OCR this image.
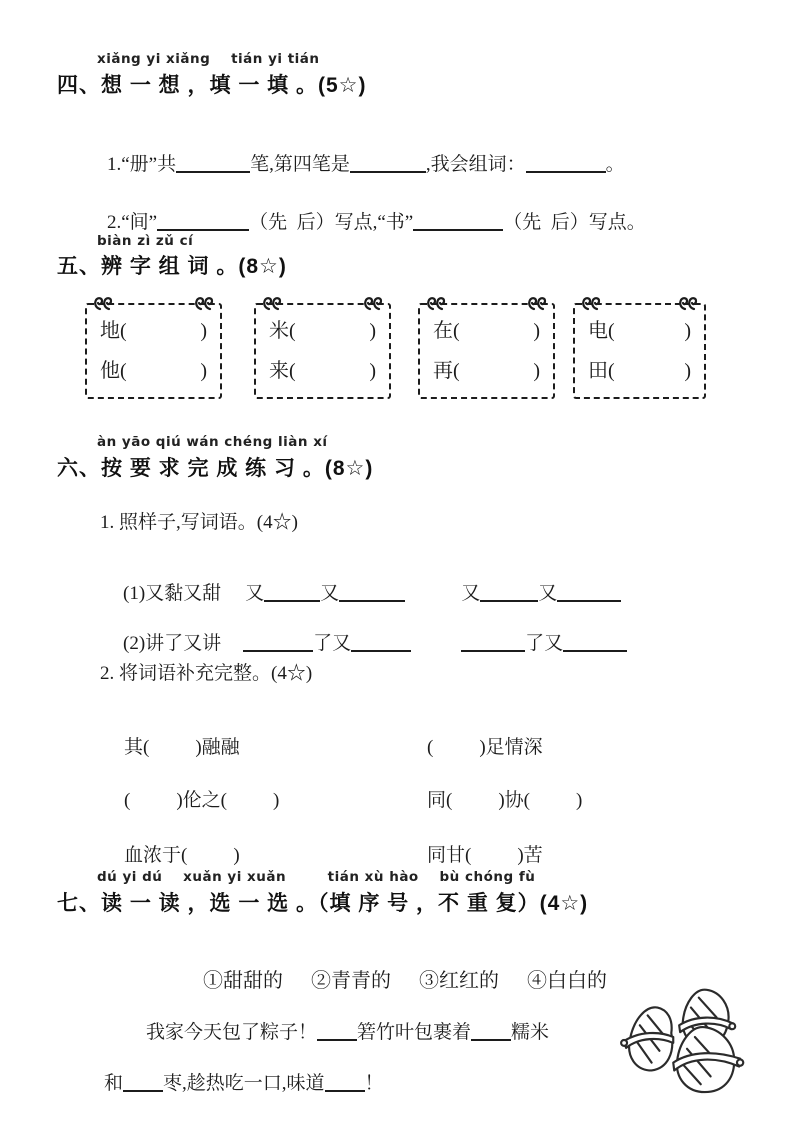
xiǎng yi xiǎng    tián yi tián
四、想 一 想 ，填 一 填 。(5☆)

1.“册”共	笔,第四笔是	,我会组词：	。

2.“间”	（先  后）写点,“书”	（先  后）写点。

biàn zì zǔ cí
五、辨 字 组 词 。(8☆)
地(	)
他(	)
米(	)
来(	)
在(	)
再(	)
电(	)
田(	)
àn yāo qiú wán chéng liàn xí
六、按 要 求 完 成 练 习 。(8☆)
1. 照样子,写词语。(4☆)

(1)又黏又甜 又	又	又	又

(2)讲了又讲	了又	了又

2. 将词语补充完整。(4☆)

其( )融融
	( )足情深

( )伦之( )
	同( )协( )

血浓于( )
	同甘( )苦

dú yi dú    xuǎn yi xuǎn        tián xù hào    bù chóng fù
七、读 一 读 ，选 一 选 。（填 序 号 ，不 重 复）(4☆)

①甜甜的 ②青青的 ③红红的 ④白白的

我家今天包了粽子！ 箬竹叶包裹着 糯米

和 枣,趁热吃一口,味道 ！
